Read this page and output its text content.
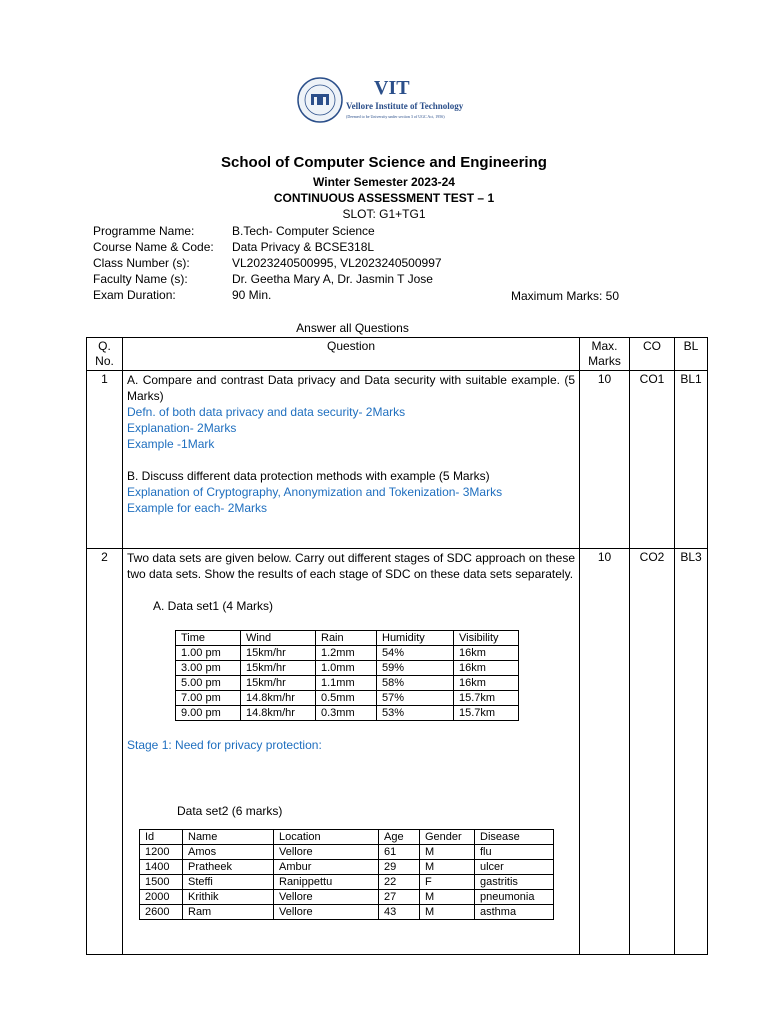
VIT
Vellore Institute of Technology
(Deemed to be University under section 3 of UGC Act, 1956)
School of Computer Science and Engineering
Winter Semester 2023-24
CONTINUOUS ASSESSMENT TEST – 1
SLOT: G1+TG1
Programme Name:	B.Tech- Computer Science
Course Name & Code: Data Privacy & BCSE318L
Class Number (s):	VL2023240500995, VL2023240500997
Faculty Name (s):	Dr. Geetha Mary A, Dr. Jasmin T Jose
Exam Duration:	90 Min.	Maximum Marks: 50
Answer all Questions
Q. No.	Question	Max. Marks	CO	BL
1	A. Compare and contrast Data privacy and Data security with suitable example. (5 Marks)
Defn. of both data privacy and data security- 2Marks
Explanation- 2Marks
Example -1Mark
B. Discuss different data protection methods with example (5 Marks)
Explanation of Cryptography, Anonymization and Tokenization- 3Marks
Example for each- 2Marks
	10	CO1	BL1
2	Two data sets are given below. Carry out different stages of SDC approach on these two data sets. Show the results of each stage of SDC on these data sets separately.
A. Data set1 (4 Marks)
Time	Wind	Rain	Humidity	Visibility
1.00 pm	15km/hr	1.2mm	54%	16km
3.00 pm	15km/hr	1.0mm	59%	16km
5.00 pm	15km/hr	1.1mm	58%	16km
7.00 pm	14.8km/hr	0.5mm	57%	15.7km
9.00 pm	14.8km/hr	0.3mm	53%	15.7km
Stage 1: Need for privacy protection:
Data set2 (6 marks)
Id	Name	Location	Age	Gender	Disease
1200	Amos	Vellore	61	M	flu
1400	Pratheek	Ambur	29	M	ulcer
1500	Steffi	Ranippettu	22	F	gastritis
2000	Krithik	Vellore	27	M	pneumonia
2600	Ram	Vellore	43	M	asthma
	10	CO2	BL3
